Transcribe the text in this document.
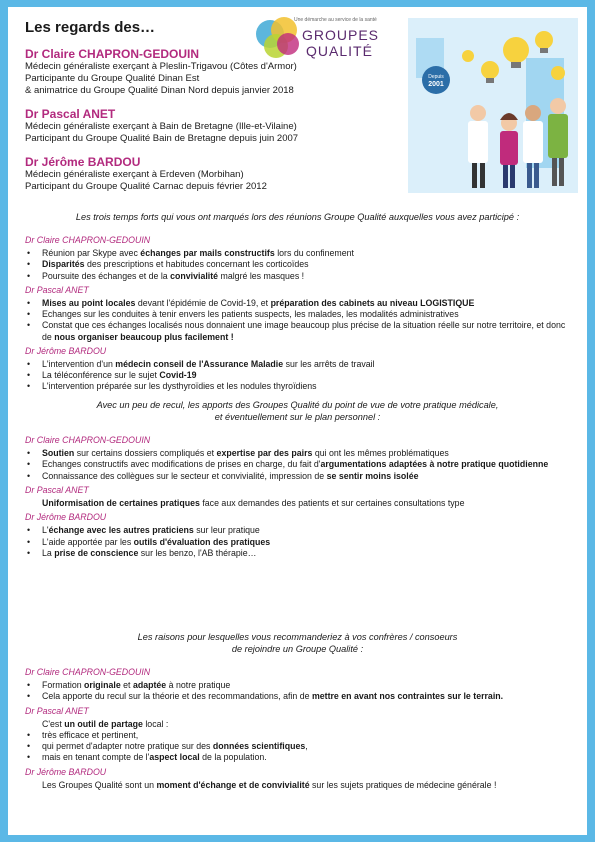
Les regards des…	Une démarche au service de la santé
GROUPES
QUALITÉ
Depuis
2001
Dr Claire CHAPRON-GEDOUIN
Médecin généraliste exerçant à Pleslin-Trigavou (Côtes d'Armor)
Participante du Groupe Qualité Dinan Est
& animatrice du Groupe Qualité Dinan Nord depuis janvier 2018
Dr Pascal ANET
Médecin généraliste exerçant à Bain de Bretagne (Ille-et-Vilaine)
Participant du Groupe Qualité Bain de Bretagne depuis juin 2007
Dr Jérôme BARDOU
Médecin généraliste exerçant à Erdeven (Morbihan)
Participant du Groupe Qualité Carnac depuis février 2012
Les trois temps forts qui vous ont marqués lors des réunions Groupe Qualité auxquelles vous avez participé :
Dr Claire CHAPRON-GEDOUIN
• Réunion par Skype avec échanges par mails constructifs lors du confinement
• Disparités des prescriptions et habitudes concernant les corticoïdes
• Poursuite des échanges et de la convivialité malgré les masques !
Dr Pascal ANET
• Mises au point locales devant l'épidémie de Covid-19, et préparation des cabinets au niveau LOGISTIQUE
• Echanges sur les conduites à tenir envers les patients suspects, les malades, les modalités administratives
• Constat que ces échanges localisés nous donnaient une image beaucoup plus précise de la situation réelle sur notre territoire, et donc de nous organiser beaucoup plus facilement !
Dr Jérôme BARDOU
• L'intervention d'un médecin conseil de l'Assurance Maladie sur les arrêts de travail
• La téléconférence sur le sujet Covid-19
• L'intervention préparée sur les dysthyroïdies et les nodules thyroïdiens
Avec un peu de recul, les apports des Groupes Qualité du point de vue de votre pratique médicale,
et éventuellement sur le plan personnel :
Dr Claire CHAPRON-GEDOUIN
• Soutien sur certains dossiers compliqués et expertise par des pairs qui ont les mêmes problématiques
• Echanges constructifs avec modifications de prises en charge, du fait d'argumentations adaptées à notre pratique quotidienne
• Connaissance des collègues sur le secteur et convivialité, impression de se sentir moins isolée
Dr Pascal ANET
Uniformisation de certaines pratiques face aux demandes des patients et sur certaines consultations type
Dr Jérôme BARDOU
• L'échange avec les autres praticiens sur leur pratique
• L'aide apportée par les outils d'évaluation des pratiques
• La prise de conscience sur les benzo, l'AB thérapie…
Les raisons pour lesquelles vous recommanderiez à vos confrères / consoeurs
de rejoindre un Groupe Qualité :
Dr Claire CHAPRON-GEDOUIN
• Formation originale et adaptée à notre pratique
• Cela apporte du recul sur la théorie et des recommandations, afin de mettre en avant nos contraintes sur le terrain.
Dr Pascal ANET
C'est un outil de partage local :
• très efficace et pertinent,
• qui permet d'adapter notre pratique sur des données scientifiques,
• mais en tenant compte de l'aspect local de la population.
Dr Jérôme BARDOU
Les Groupes Qualité sont un moment d'échange et de convivialité sur les sujets pratiques de médecine générale !
